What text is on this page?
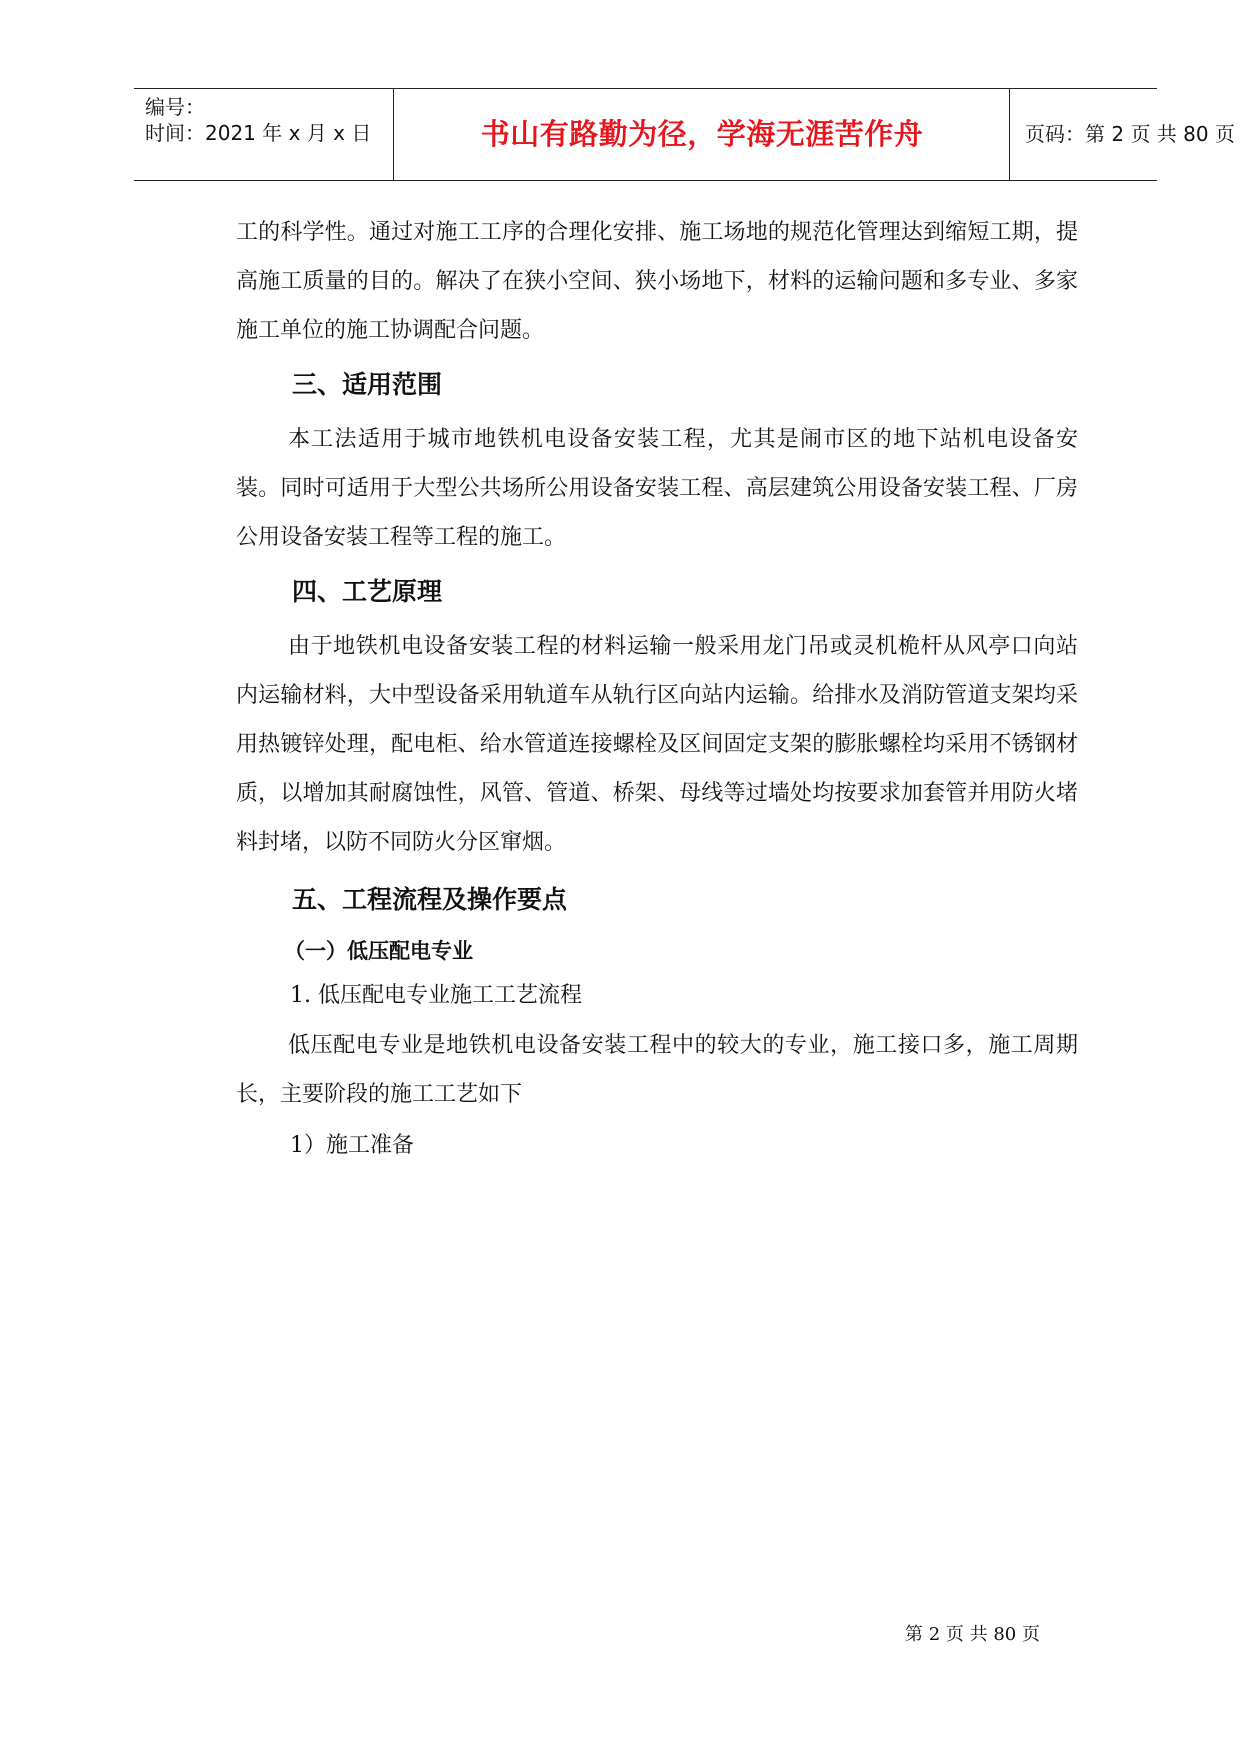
编号：
时间：2021 年 x 月 x 日	书山有路勤为径，学海无涯苦作舟	页码：第 2 页 共 80 页

工的科学性。通过对施工工序的合理化安排、施工场地的规范化管理达到缩短工期，提高施工质量的目的。解决了在狭小空间、狭小场地下，材料的运输问题和多专业、多家施工单位的施工协调配合问题。

三、适用范围

本工法适用于城市地铁机电设备安装工程，尤其是闹市区的地下站机电设备安装。同时可适用于大型公共场所公用设备安装工程、高层建筑公用设备安装工程、厂房公用设备安装工程等工程的施工。

四、工艺原理

由于地铁机电设备安装工程的材料运输一般采用龙门吊或灵机桅杆从风亭口向站内运输材料，大中型设备采用轨道车从轨行区向站内运输。给排水及消防管道支架均采用热镀锌处理，配电柜、给水管道连接螺栓及区间固定支架的膨胀螺栓均采用不锈钢材质，以增加其耐腐蚀性，风管、管道、桥架、母线等过墙处均按要求加套管并用防火堵料封堵，以防不同防火分区窜烟。

五、工程流程及操作要点
（一）低压配电专业
1. 低压配电专业施工工艺流程

低压配电专业是地铁机电设备安装工程中的较大的专业，施工接口多，施工周期长，主要阶段的施工工艺如下

1）施工准备
第 2 页 共 80 页
